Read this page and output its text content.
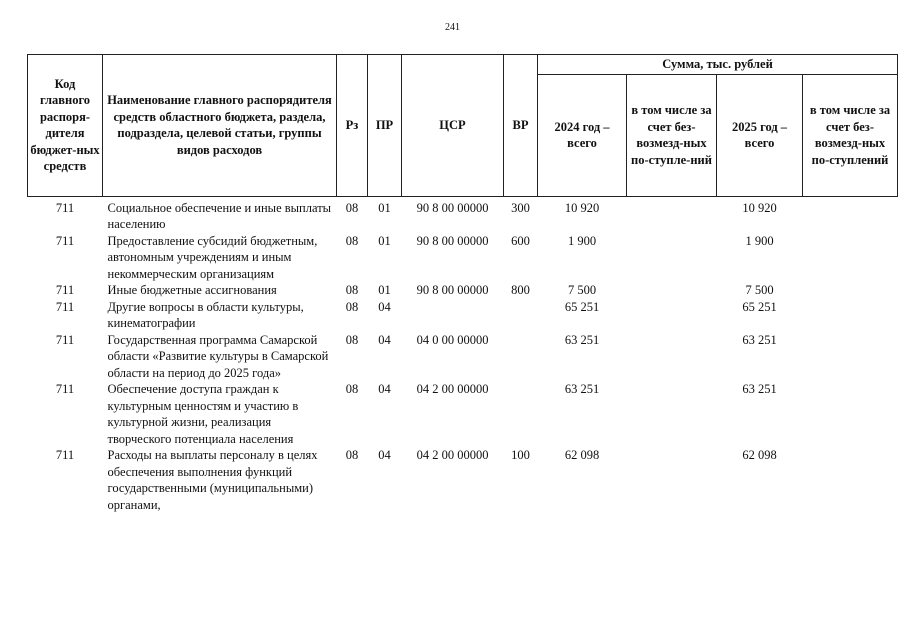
241
Код главного распоря-дителя бюджет-ных средств	Наименование главного распорядителя средств областного бюджета, раздела, подраздела, целевой статьи, группы видов расходов	Рз	ПР	ЦСР	ВР	Сумма, тыс. рублей			
						2024 год – всего	в том числе за счет без-возмезд-ных по-ступле-ний	2025 год – всего	в том числе за счет без-возмезд-ных по-ступлений
711	Социальное обеспечение и иные выплаты населению	08	01	90 8 00 00000	300	10 920		10 920	
711	Предоставление субсидий бюджетным, автономным учреждениям и иным некоммерческим организациям	08	01	90 8 00 00000	600	1 900		1 900	
711	Иные бюджетные ассигнования	08	01	90 8 00 00000	800	7 500		7 500	
711	Другие вопросы в области культуры, кинематографии	08	04			65 251		65 251	
711	Государственная программа Самарской области «Развитие культуры в Самарской области на период до 2025 года»	08	04	04 0 00 00000		63 251		63 251	
711	Обеспечение доступа граждан к культурным ценностям и участию в культурной жизни, реализация творческого потенциала населения	08	04	04 2 00 00000		63 251		63 251	
711	Расходы на выплаты персоналу в целях обеспечения выполнения функций государственными (муниципальными) органами,	08	04	04 2 00 00000	100	62 098		62 098	
